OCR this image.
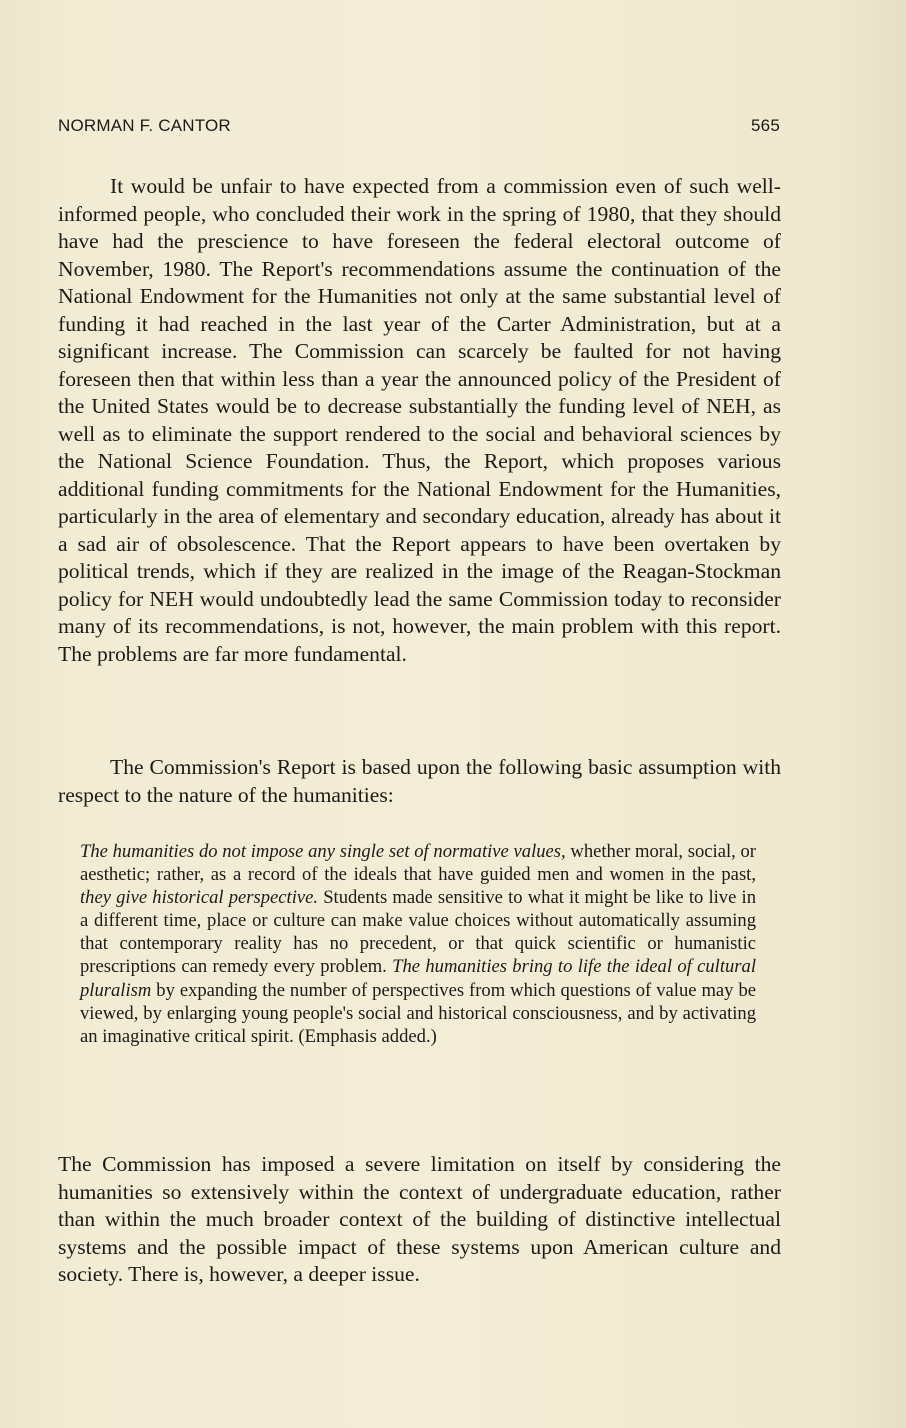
NORMAN F. CANTOR	565

It would be unfair to have expected from a commission even of such well-informed people, who concluded their work in the spring of 1980, that they should have had the prescience to have foreseen the federal electoral outcome of November, 1980. The Report's recommendations assume the continuation of the National Endowment for the Humanities not only at the same substantial level of funding it had reached in the last year of the Carter Administration, but at a significant increase. The Commission can scarcely be faulted for not having foreseen then that within less than a year the announced policy of the President of the United States would be to decrease substantially the funding level of NEH, as well as to eliminate the support rendered to the social and behavioral sciences by the National Science Foundation. Thus, the Report, which proposes various additional funding commitments for the National Endowment for the Humanities, particularly in the area of elementary and secondary education, already has about it a sad air of obsolescence. That the Report appears to have been overtaken by political trends, which if they are realized in the image of the Reagan-Stockman policy for NEH would undoubtedly lead the same Commission today to reconsider many of its recommendations, is not, however, the main problem with this report. The problems are far more fundamental.

The Commission's Report is based upon the following basic assumption with respect to the nature of the humanities:

The humanities do not impose any single set of normative values, whether moral, social, or aesthetic; rather, as a record of the ideals that have guided men and women in the past, they give historical perspective. Students made sensitive to what it might be like to live in a different time, place or culture can make value choices without automatically assuming that contemporary reality has no precedent, or that quick scientific or humanistic prescriptions can remedy every problem. The humanities bring to life the ideal of cultural pluralism by expanding the number of perspectives from which questions of value may be viewed, by enlarging young people's social and historical consciousness, and by activating an imaginative critical spirit. (Emphasis added.)

The Commission has imposed a severe limitation on itself by considering the humanities so extensively within the context of undergraduate education, rather than within the much broader context of the building of distinctive intellectual systems and the possible impact of these systems upon American culture and society. There is, however, a deeper issue.
